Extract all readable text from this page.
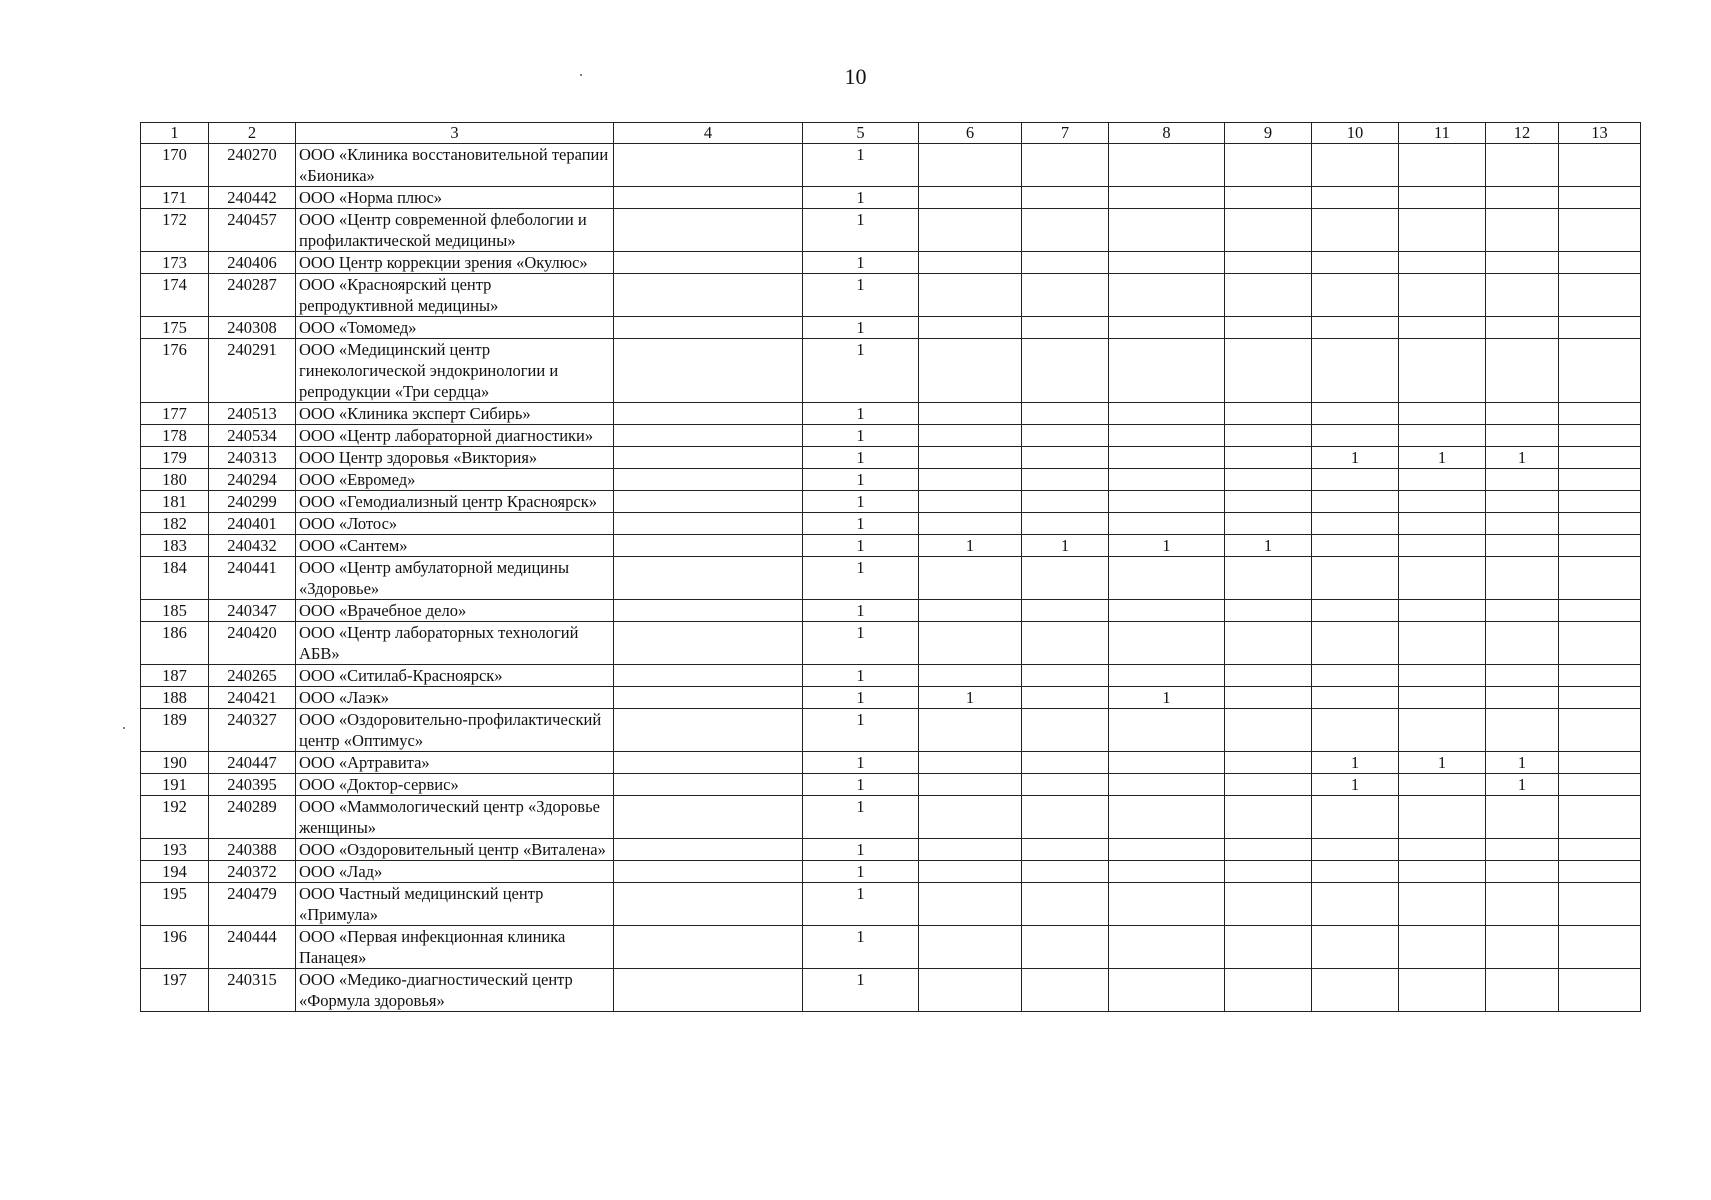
10
1	2	3	4	5	6	7	8	9	10	11	12	13
170	240270	ООО «Клиника восстановительной терапии «Бионика»		1								
171	240442	ООО «Норма плюс»		1								
172	240457	ООО «Центр современной флебологии и профилактической медицины»		1								
173	240406	ООО Центр коррекции зрения «Окулюс»		1								
174	240287	ООО «Красноярский центр репродуктивной медицины»		1								
175	240308	ООО «Томомед»		1								
176	240291	ООО «Медицинский центр гинекологической эндокринологии и репродукции «Три сердца»		1								
177	240513	ООО «Клиника эксперт Сибирь»		1								
178	240534	ООО «Центр лабораторной диагностики»		1								
179	240313	ООО Центр здоровья «Виктория»		1					1	1	1	
180	240294	ООО «Евромед»		1								
181	240299	ООО «Гемодиализный центр Красноярск»		1								
182	240401	ООО «Лотос»		1								
183	240432	ООО «Сантем»		1	1	1	1	1				
184	240441	ООО «Центр амбулаторной медицины «Здоровье»		1								
185	240347	ООО «Врачебное дело»		1								
186	240420	ООО «Центр лабораторных технологий АБВ»		1								
187	240265	ООО «Ситилаб-Красноярск»		1								
188	240421	ООО «Лаэк»		1	1		1					
189	240327	ООО «Оздоровительно-профилактический центр «Оптимус»		1								
190	240447	ООО «Артравита»		1					1	1	1	
191	240395	ООО «Доктор-сервис»		1					1		1	
192	240289	ООО «Маммологический центр «Здоровье женщины»		1								
193	240388	ООО «Оздоровительный центр «Виталена»		1								
194	240372	ООО «Лад»		1								
195	240479	ООО Частный медицинский центр «Примула»		1								
196	240444	ООО «Первая инфекционная клиника Панацея»		1								
197	240315	ООО «Медико-диагностический центр «Формула здоровья»		1								
